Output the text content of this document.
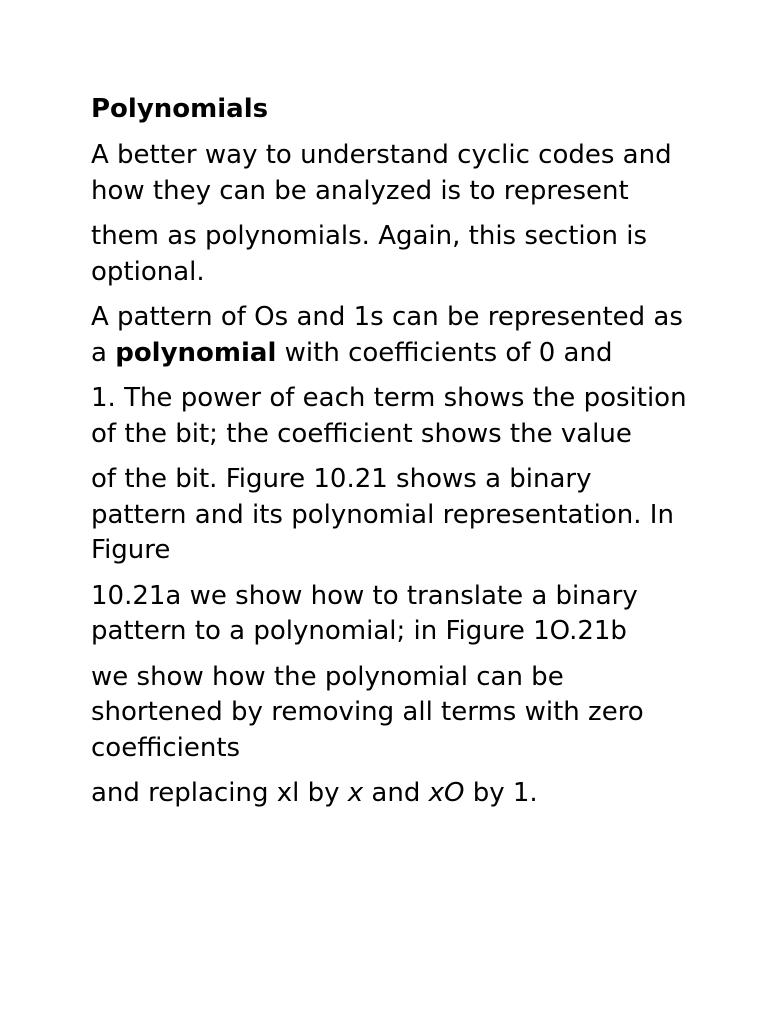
Polynomials

A better way to understand cyclic codes and how they can be analyzed is to represent

them as polynomials. Again, this section is optional.

A pattern of Os and 1s can be represented as a polynomial with coefficients of 0 and

1. The power of each term shows the position of the bit; the coefficient shows the value

of the bit. Figure 10.21 shows a binary pattern and its polynomial representation. In Figure

10.21a we show how to translate a binary pattern to a polynomial; in Figure 1O.21b

we show how the polynomial can be shortened by removing all terms with zero coefficients

and replacing xl by x and xO by 1.
